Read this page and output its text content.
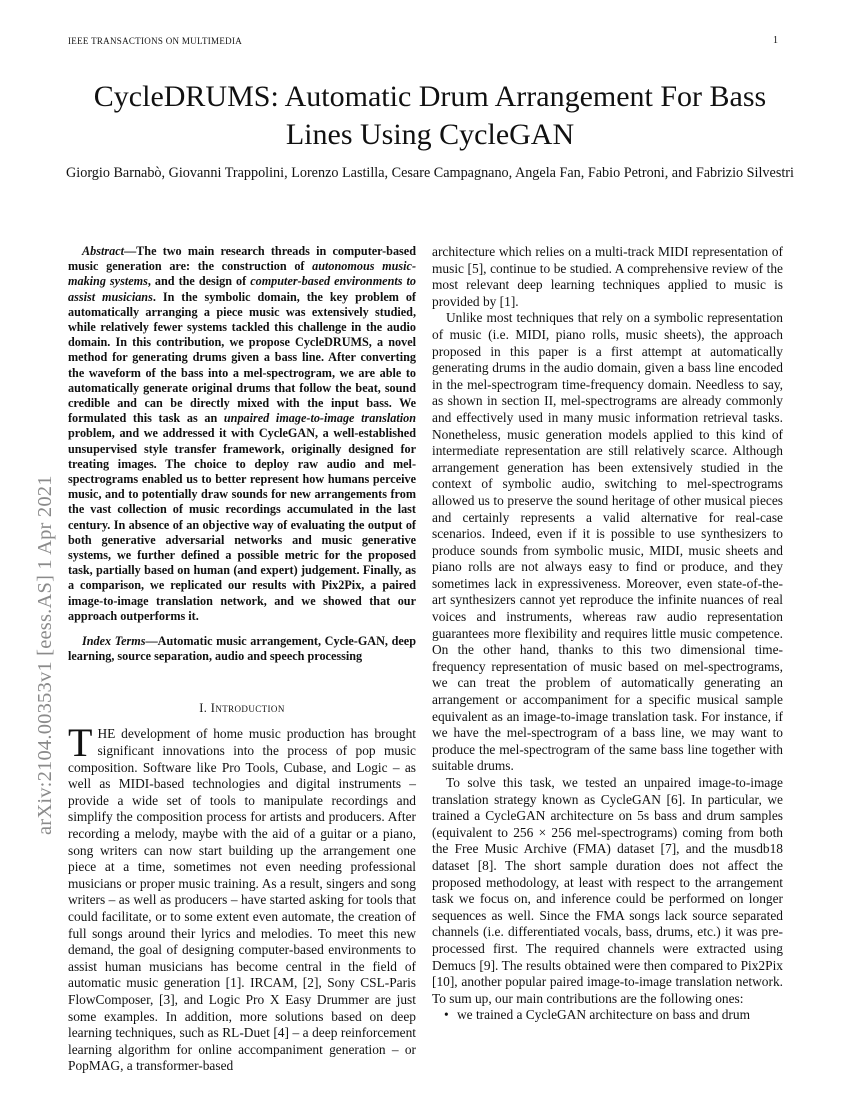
IEEE TRANSACTIONS ON MULTIMEDIA	1
arXiv:2104.00353v1 [eess.AS] 1 Apr 2021
CycleDRUMS: Automatic Drum Arrangement For Bass Lines Using CycleGAN
Giorgio Barnabò, Giovanni Trappolini, Lorenzo Lastilla, Cesare Campagnano, Angela Fan, Fabio Petroni, and Fabrizio Silvestri

Abstract—The two main research threads in computer-based music generation are: the construction of autonomous music-making systems, and the design of computer-based environments to assist musicians. In the symbolic domain, the key problem of automatically arranging a piece music was extensively studied, while relatively fewer systems tackled this challenge in the audio domain. In this contribution, we propose CycleDRUMS, a novel method for generating drums given a bass line. After converting the waveform of the bass into a mel-spectrogram, we are able to automatically generate original drums that follow the beat, sound credible and can be directly mixed with the input bass. We formulated this task as an unpaired image-to-image translation problem, and we addressed it with CycleGAN, a well-established unsupervised style transfer framework, originally designed for treating images. The choice to deploy raw audio and mel-spectrograms enabled us to better represent how humans perceive music, and to potentially draw sounds for new arrangements from the vast collection of music recordings accumulated in the last century. In absence of an objective way of evaluating the output of both generative adversarial networks and music generative systems, we further defined a possible metric for the proposed task, partially based on human (and expert) judgement. Finally, as a comparison, we replicated our results with Pix2Pix, a paired image-to-image translation network, and we showed that our approach outperforms it.

Index Terms—Automatic music arrangement, Cycle-GAN, deep learning, source separation, audio and speech processing

I. Introduction

THE development of home music production has brought significant innovations into the process of pop music composition. Software like Pro Tools, Cubase, and Logic – as well as MIDI-based technologies and digital instruments – provide a wide set of tools to manipulate recordings and simplify the composition process for artists and producers. After recording a melody, maybe with the aid of a guitar or a piano, song writers can now start building up the arrangement one piece at a time, sometimes not even needing professional musicians or proper music training. As a result, singers and song writers – as well as producers – have started asking for tools that could facilitate, or to some extent even automate, the creation of full songs around their lyrics and melodies. To meet this new demand, the goal of designing computer-based environments to assist human musicians has become central in the field of automatic music generation [1]. IRCAM, [2], Sony CSL-Paris FlowComposer, [3], and Logic Pro X Easy Drummer are just some examples. In addition, more solutions based on deep learning techniques, such as RL-Duet [4] – a deep reinforcement learning algorithm for online accompaniment generation – or PopMAG, a transformer-based

architecture which relies on a multi-track MIDI representation of music [5], continue to be studied. A comprehensive review of the most relevant deep learning techniques applied to music is provided by [1].

Unlike most techniques that rely on a symbolic representation of music (i.e. MIDI, piano rolls, music sheets), the approach proposed in this paper is a first attempt at automatically generating drums in the audio domain, given a bass line encoded in the mel-spectrogram time-frequency domain. Needless to say, as shown in section II, mel-spectrograms are already commonly and effectively used in many music information retrieval tasks. Nonetheless, music generation models applied to this kind of intermediate representation are still relatively scarce. Although arrangement generation has been extensively studied in the context of symbolic audio, switching to mel-spectrograms allowed us to preserve the sound heritage of other musical pieces and certainly represents a valid alternative for real-case scenarios. Indeed, even if it is possible to use synthesizers to produce sounds from symbolic music, MIDI, music sheets and piano rolls are not always easy to find or produce, and they sometimes lack in expressiveness. Moreover, even state-of-the-art synthesizers cannot yet reproduce the infinite nuances of real voices and instruments, whereas raw audio representation guarantees more flexibility and requires little music competence. On the other hand, thanks to this two dimensional time-frequency representation of music based on mel-spectrograms, we can treat the problem of automatically generating an arrangement or accompaniment for a specific musical sample equivalent as an image-to-image translation task. For instance, if we have the mel-spectrogram of a bass line, we may want to produce the mel-spectrogram of the same bass line together with suitable drums.

To solve this task, we tested an unpaired image-to-image translation strategy known as CycleGAN [6]. In particular, we trained a CycleGAN architecture on 5s bass and drum samples (equivalent to 256 × 256 mel-spectrograms) coming from both the Free Music Archive (FMA) dataset [7], and the musdb18 dataset [8]. The short sample duration does not affect the proposed methodology, at least with respect to the arrangement task we focus on, and inference could be performed on longer sequences as well. Since the FMA songs lack source separated channels (i.e. differentiated vocals, bass, drums, etc.) it was pre-processed first. The required channels were extracted using Demucs [9]. The results obtained were then compared to Pix2Pix [10], another popular paired image-to-image translation network. To sum up, our main contributions are the following ones:

• we trained a CycleGAN architecture on bass and drum
